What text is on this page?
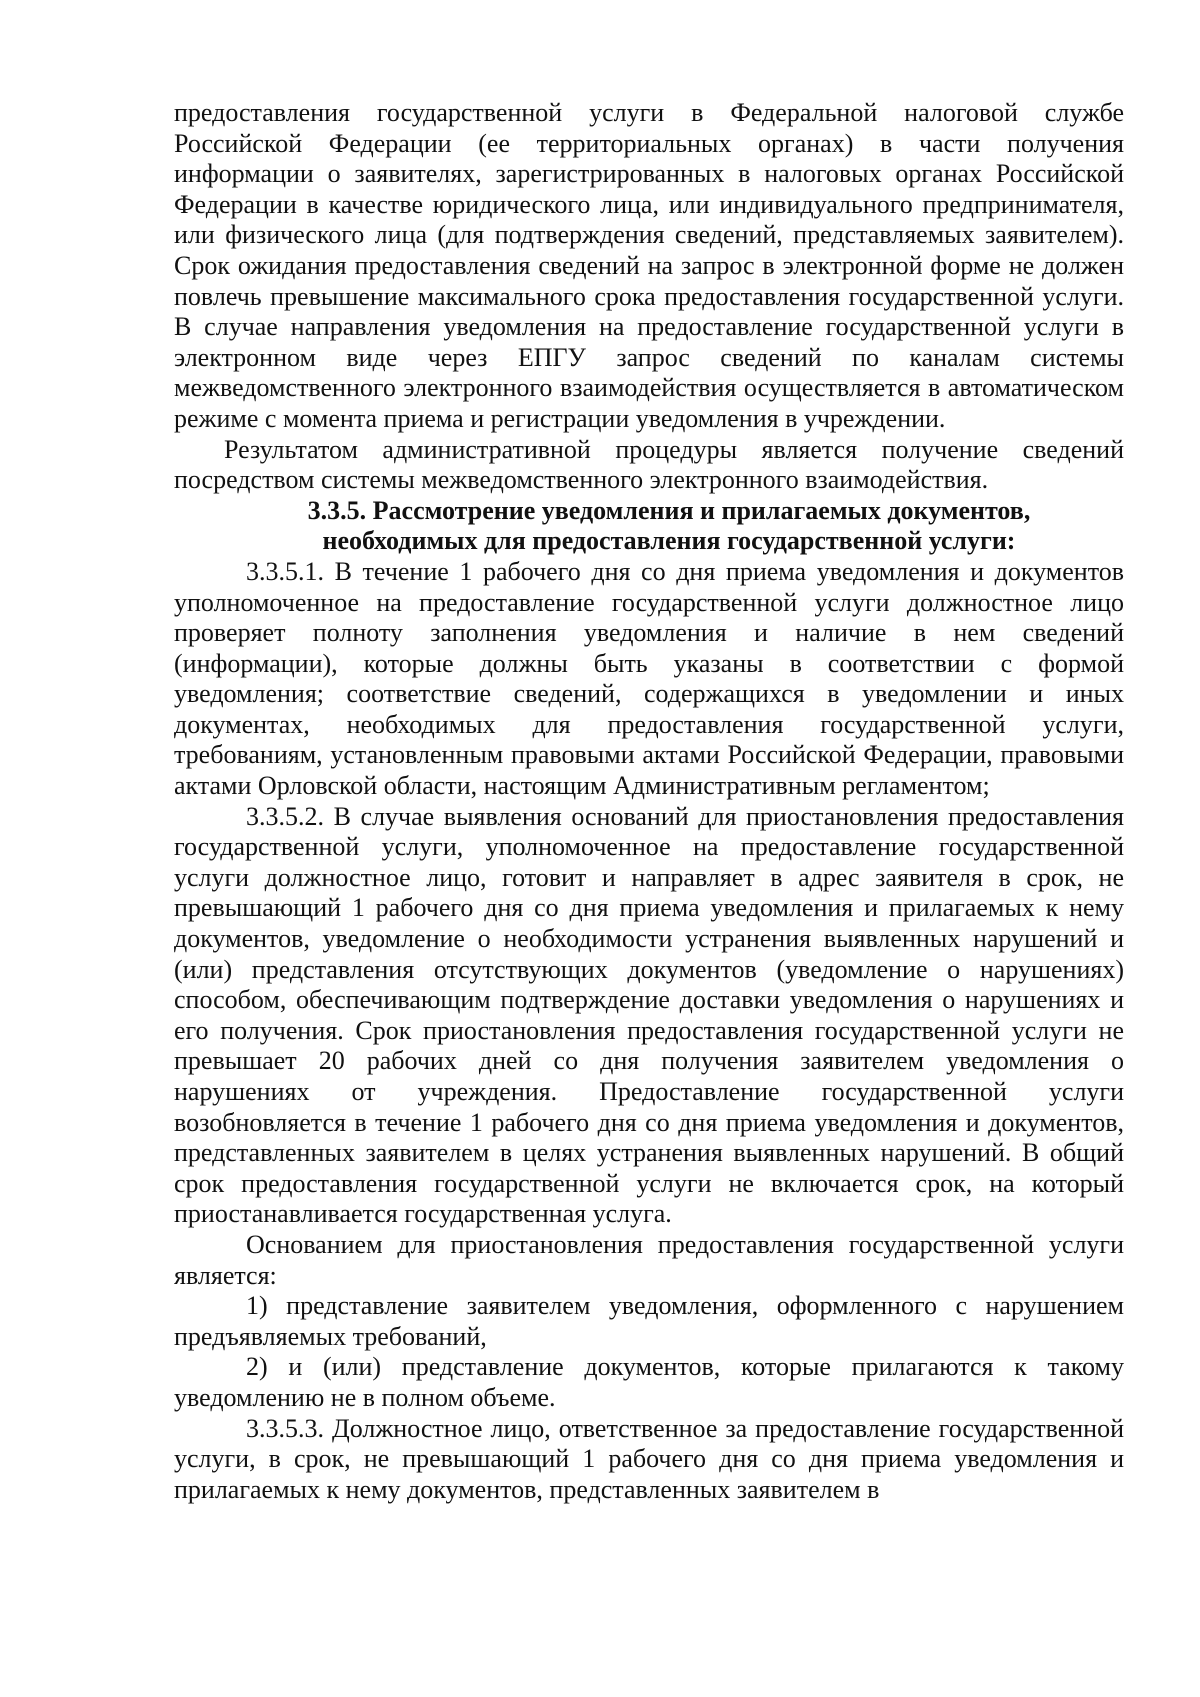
предоставления государственной услуги в Федеральной налоговой службе Российской Федерации (ее территориальных органах) в части получения информации о заявителях, зарегистрированных в налоговых органах Российской Федерации в качестве юридического лица, или индивидуального предпринимателя, или физического лица (для подтверждения сведений, представляемых заявителем). Срок ожидания предоставления сведений на запрос в электронной форме не должен повлечь превышение максимального срока предоставления государственной услуги. В случае направления уведомления на предоставление государственной услуги в электронном виде через ЕПГУ запрос сведений по каналам системы межведомственного электронного взаимодействия осуществляется в автоматическом режиме с момента приема и регистрации уведомления в учреждении.

Результатом административной процедуры является получение сведений посредством системы межведомственного электронного взаимодействия.

3.3.5. Рассмотрение уведомления и прилагаемых документов,
необходимых для предоставления государственной услуги:

3.3.5.1. В течение 1 рабочего дня со дня приема уведомления и документов уполномоченное на предоставление государственной услуги должностное лицо проверяет полноту заполнения уведомления и наличие в нем сведений (информации), которые должны быть указаны в соответствии с формой уведомления; соответствие сведений, содержащихся в уведомлении и иных документах, необходимых для предоставления государственной услуги, требованиям, установленным правовыми актами Российской Федерации, правовыми актами Орловской области, настоящим Административным регламентом;

3.3.5.2. В случае выявления оснований для приостановления предоставления государственной услуги, уполномоченное на предоставление государственной услуги должностное лицо, готовит и направляет в адрес заявителя в срок, не превышающий 1 рабочего дня со дня приема уведомления и прилагаемых к нему документов, уведомление о необходимости устранения выявленных нарушений и (или) представления отсутствующих документов (уведомление о нарушениях) способом, обеспечивающим подтверждение доставки уведомления о нарушениях и его получения. Срок приостановления предоставления государственной услуги не превышает 20 рабочих дней со дня получения заявителем уведомления о нарушениях от учреждения. Предоставление государственной услуги возобновляется в течение 1 рабочего дня со дня приема уведомления и документов, представленных заявителем в целях устранения выявленных нарушений. В общий срок предоставления государственной услуги не включается срок, на который приостанавливается государственная услуга.

Основанием для приостановления предоставления государственной услуги является:

1) представление заявителем уведомления, оформленного с нарушением предъявляемых требований,

2) и (или) представление документов, которые прилагаются к такому уведомлению не в полном объеме.

3.3.5.3. Должностное лицо, ответственное за предоставление государственной услуги, в срок, не превышающий 1 рабочего дня со дня приема уведомления и прилагаемых к нему документов, представленных заявителем в
